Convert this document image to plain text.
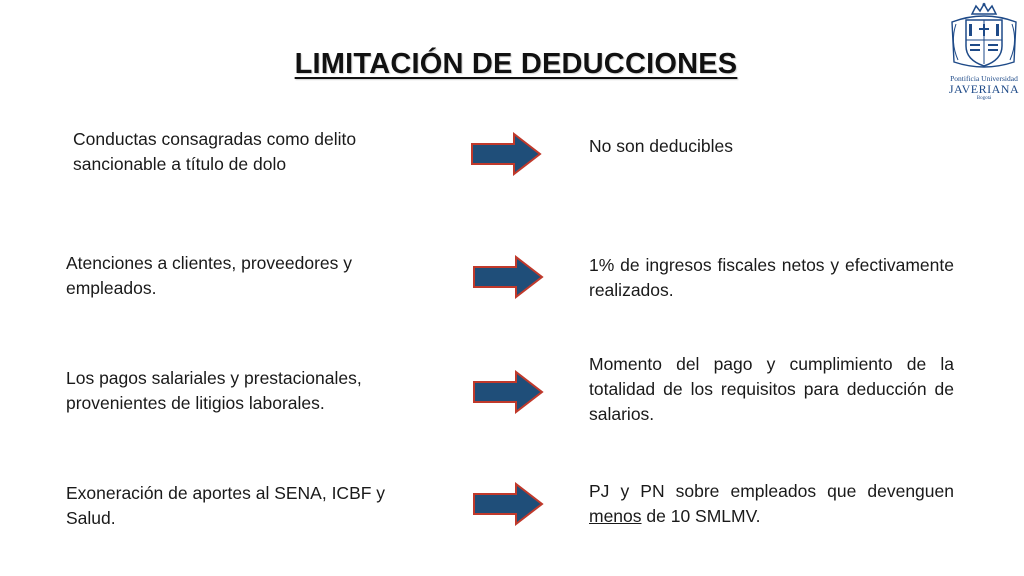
LIMITACIÓN DE DEDUCCIONES	Pontificia Universidad
JAVERIANA
Bogotá
Conductas consagradas como delito sancionable a título de dolo
No son deducibles
Atenciones a clientes, proveedores y empleados.
1% de ingresos fiscales netos y efectivamente realizados.
Los pagos salariales y prestacionales, provenientes de litigios laborales.
Momento del pago y cumplimiento de la totalidad de los requisitos para deducción de salarios.
Exoneración de aportes al SENA, ICBF y Salud.
PJ y PN sobre empleados que devenguen menos de 10 SMLMV.
